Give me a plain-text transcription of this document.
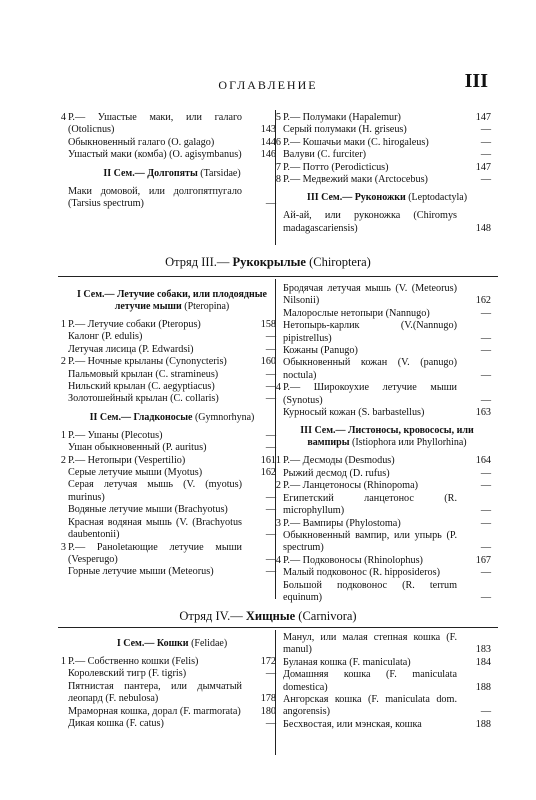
ОГЛАВЛЕНИЕ	III
4 Р.— Ушастые маки, или галаго (Otolicnus)	143
Обыкновенный галаго (O. galago)	144
Ушастый маки (комба) (O. agisymbanus)	146
II Сем.— Долгопяты (Tarsidae)
Маки домовой, или долгопятпугало (Tarsius spectrum)	—
5 Р.— Полумаки (Hapalemur)	147
Серый полумаки (H. griseus)	—
6 Р.— Кошачьи маки (C. hirogaleus)	—
Валуви (C. furciter)	—
7 Р.— Потто (Perodicticus)	147
8 Р.— Медвежий маки (Arctocebus)	—
III Сем.— Руконожки (Leptodactyla)
Ай-ай, или руконожка (Chiromys madagascariensis)	148
Отряд III.— Рукокрылые (Chiroptera)
I Сем.— Летучие собаки, или плодоядные летучие мыши (Pteropina)
1 Р.— Летучие собаки (Pteropus)	158
Калонг (P. edulis)	—
Летучая лисица (P. Edwardsi)	—
2 Р.— Ночные крыланы (Cynonycteris)	160
Пальмовый крылан (C. stramineus)	—
Нильский крылан (C. aegyptiacus)	—
Золотошейный крылан (C. collaris)	—
II Сем.— Гладконосые (Gymnorhyna)
1 Р.— Ушаны (Plecotus)	—
Ушан обыкновенный (P. auritus)	—
2 Р.— Нетопыри (Vespertilio)	161
Серые летучие мыши (Myotus)	162
Серая летучая мышь (V. (myotus) murinus)	—
Водяные летучие мыши (Brachyotus)	—
Красная водяная мышь (V. (Brachyotus daubentonii)	—
3 Р.— Раноletающие летучие мыши (Vesperugo)	—
Горные летучие мыши (Meteorus)	—
Бродячая летучая мышь (V. (Meteorus) Nilsonii)	162
Малорослые нетопыри (Nannugo)	—
Нетопырь-карлик (V.(Nannugo) pipistrellus)	—
Кожаны (Panugo)	—
Обыкновенный кожан (V. (panugo) noctula)	—
4 Р.— Широкоухие летучие мыши (Synotus)	—
Курносый кожан (S. barbastellus)	163
III Сем.— Листоносы, кровососы, или вампиры (Istiophora или Phyllorhina)
1 Р.— Десмоды (Desmodus)	164
Рыжий десмод (D. rufus)	—
2 Р.— Ланцетоносы (Rhinopoma)	—
Египетский ланцетонос (R. microphyllum)	—
3 Р.— Вампиры (Phylostoma)	—
Обыкновенный вампир, или упырь (P. spectrum)	—
4 Р.— Подковоносы (Rhinolophus)	167
Малый подковонос (R. hipposideros)	—
Большой подковонос (R. terrum equinum)	—
Отряд IV.— Хищные (Carnivora)
I Сем.— Кошки (Felidae)
1 Р.— Собственно кошки (Felis)	172
Королевский тигр (F. tigris)	—
Пятнистая пантера, или дымчатый леопард (F. nebulosa)	178
Мраморная кошка, дорал (F. marmorata)	180
Дикая кошка (F. catus)	—
Манул, или малая степная кошка (F. manul)	183
Буланая кошка (F. maniculata)	184
Домашняя кошка (F. maniculata domestica)	188
Ангорская кошка (F. maniculata dom. angorensis)	—
Бесхвостая, или мэнская, кошка	188
